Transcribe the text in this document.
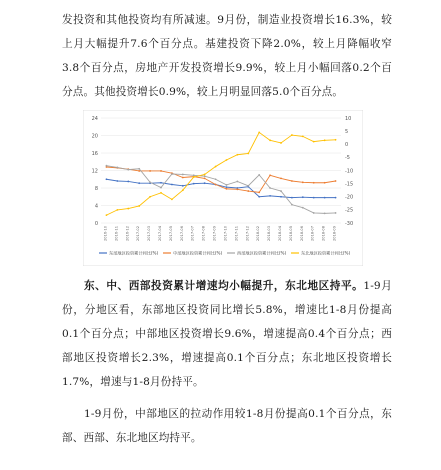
发投资和其他投资均有所减速。9月份，制造业投资增长16.3%，较上月大幅提升7.6个百分点。基建投资下降2.0%，较上月降幅收窄3.8个百分点，房地产开发投资增长9.9%，较上月小幅回落0.2个百分点。其他投资增长0.9%，较上月明显回落5.0个百分点。

0
4
8
12
16
20
24
-30
-25
-20
-15
-10
-5
0
5
10
2016-10 2016-11 2016-12 2017-02 2017-03 2017-04 2017-05 2017-06 2017-07 2017-08 2017-09 2017-10 2017-11 2017-12 2018-02 2018-03 2018-04 2018-05 2018-06 2018-07 2018-08 2018-09
东部地区投资累计同比(%)	中部地区投资累计同比(%)	西部地区投资累计同比(%)	东北地区投资累计同比(%)

东、中、西部投资累计增速均小幅提升，东北地区持平。1-9月份，分地区看，东部地区投资同比增长5.8%，增速比1-8月份提高0.1个百分点；中部地区投资增长9.6%，增速提高0.4个百分点；西部地区投资增长2.3%，增速提高0.1个百分点；东北地区投资增长1.7%，增速与1-8月份持平。

1-9月份，中部地区的拉动作用较1-8月份提高0.1个百分点，东部、西部、东北地区均持平。
